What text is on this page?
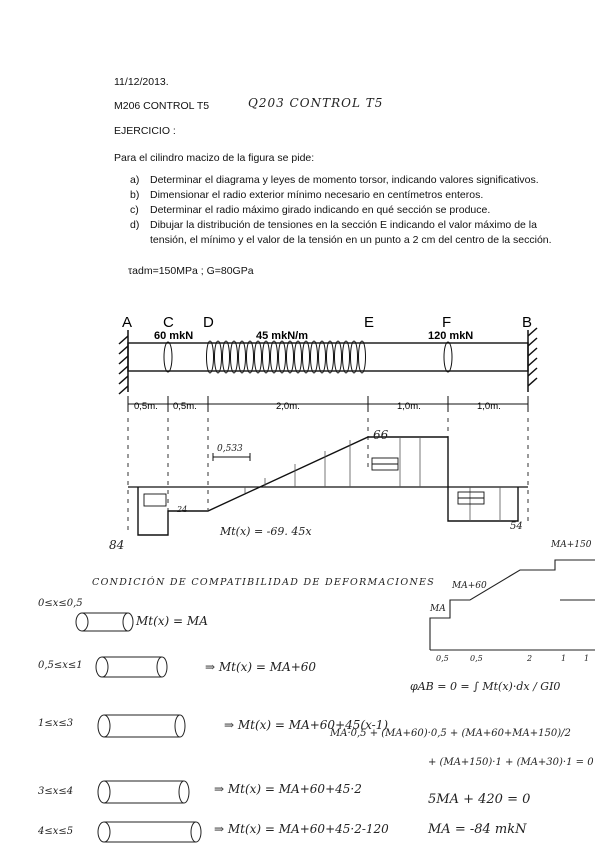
11/12/2013.
M206 CONTROL T5	Q203 CONTROL T5
EJERCICIO :
Para el cilindro macizo de la figura se pide:
a) Determinar el diagrama y leyes de momento torsor, indicando valores significativos.
b) Dimensionar el radio exterior mínimo necesario en centímetros enteros.
c) Determinar el radio máximo girado indicando en qué sección se produce.
d) Dibujar la distribución de tensiones en la sección E indicando el valor máximo de la tensión, el mínimo y el valor de la tensión en un punto a 2 cm del centro de la sección.
τadm=150MPa ; G=80GPa
A C D	E	F	B
60 mkN	45 mkN/m	120 mkN
0,5m. 0,5m.	2,0m.	1,0m.	1,0m.
66
84
54
0,533
24
Mt(x) = -69. 45x
CONDICIÓN DE COMPATIBILIDAD DE DEFORMACIONES
0≤x≤0,5
Mt(x) = MA
0,5≤x≤1	⇒ Mt(x) = MA+60
1≤x≤3	⇒ Mt(x) = MA+60+45(x-1)
3≤x≤4	⇒ Mt(x) = MA+60+45·2
4≤x≤5	⇒ Mt(x) = MA+60+45·2-120
MA+150
MA+60
MA
0,5	0,5	2	1 1
φAB = 0 = ∫ Mt(x)·dx / GI0
MA·0,5 + (MA+60)·0,5 + (MA+60+MA+150)/2
+ (MA+150)·1 + (MA+30)·1 = 0
5MA + 420 = 0
MA = -84 mkN
